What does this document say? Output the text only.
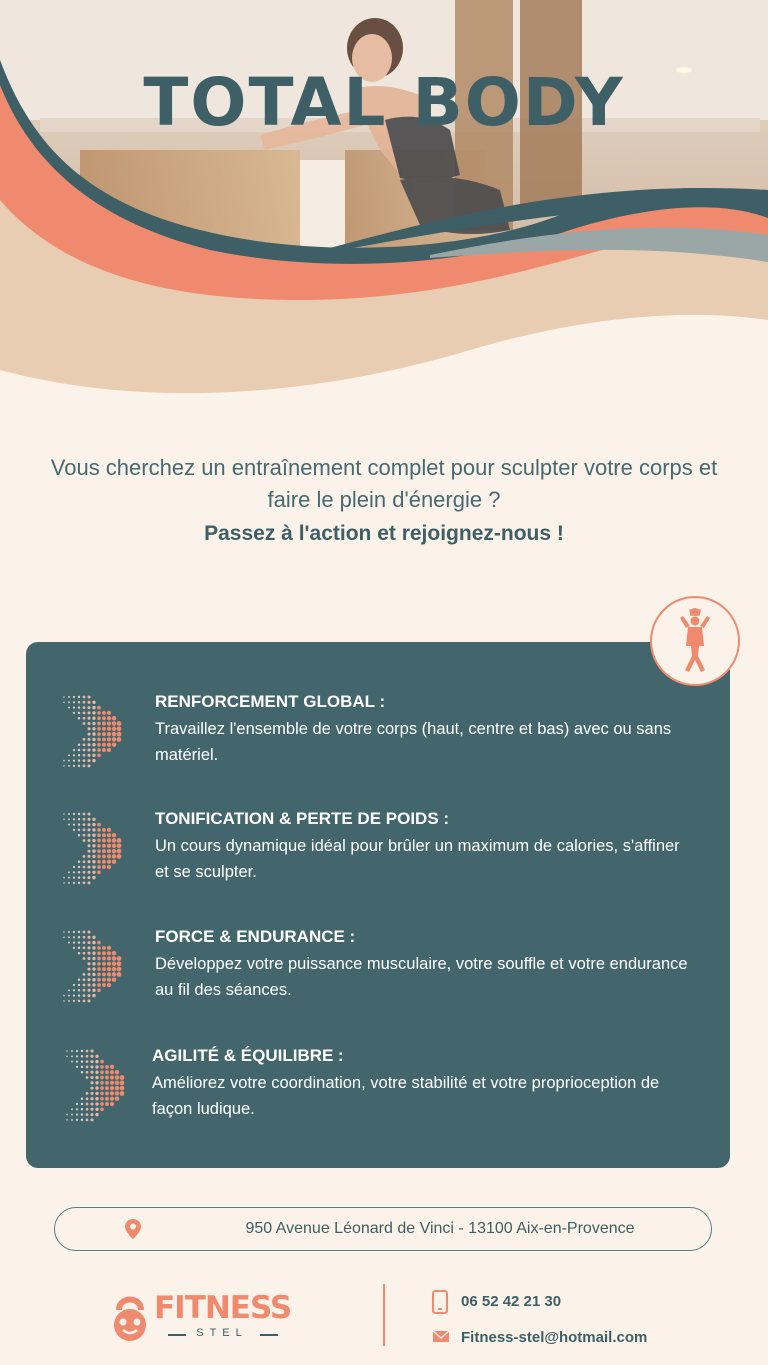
TOTAL BODY

Vous cherchez un entraînement complet pour sculpter votre corps et faire le plein d'énergie ?

Passez à l'action et rejoignez-nous !

RENFORCEMENT GLOBAL :

Travaillez l'ensemble de votre corps (haut, centre et bas) avec ou sans matériel.

TONIFICATION & PERTE DE POIDS :

Un cours dynamique idéal pour brûler un maximum de calories, s'affiner et se sculpter.

FORCE & ENDURANCE :

Développez votre puissance musculaire, votre souffle et votre endurance au fil des séances.

AGILITÉ & ÉQUILIBRE :

Améliorez votre coordination, votre stabilité et votre proprioception de façon ludique.

950 Avenue Léonard de Vinci - 13100 Aix-en-Provence

FITNESS

STEL

06 52 42 21 30

Fitness-stel@hotmail.com
